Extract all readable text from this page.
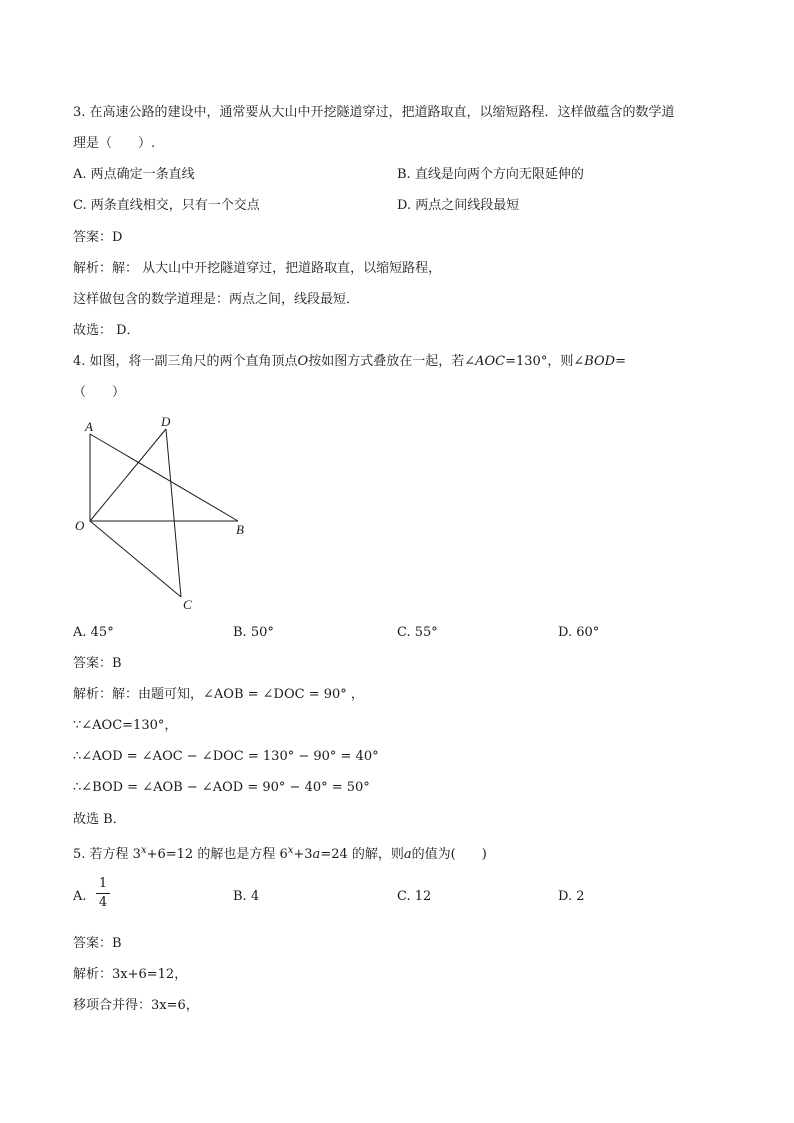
3. 在高速公路的建设中，通常要从大山中开挖隧道穿过，把道路取直，以缩短路程．这样做蕴含的数学道
理是（　　）.
A. 两点确定一条直线	B. 直线是向两个方向无限延伸的
C. 两条直线相交，只有一个交点	D. 两点之间线段最短
答案：D
解析：解： 从大山中开挖隧道穿过，把道路取直，以缩短路程，
这样做包含的数学道理是：两点之间，线段最短．
故选： D．
4. 如图，将一副三角尺的两个直角顶点O按如图方式叠放在一起，若∠AOC=130°，则∠BOD=
（　　）
A	D
O	B
C
A. 45°	B. 50°	C. 55°	D. 60°
答案：B
解析：解：由题可知，∠AOB = ∠DOC = 90° ，
∵∠AOC=130°，
∴∠AOD = ∠AOC − ∠DOC = 130° − 90° = 40°
∴∠BOD = ∠AOB − ∠AOD = 90° − 40° = 50°
故选 B．
5. 若方程 $3^x+6=12$ 的解也是方程 $6^x+3a=24$ 的解，则a的值为(　　)
A.
1
4	B. 4	C. 12	D. 2
答案：B
解析：3x+6=12，
移项合并得：3x=6，
